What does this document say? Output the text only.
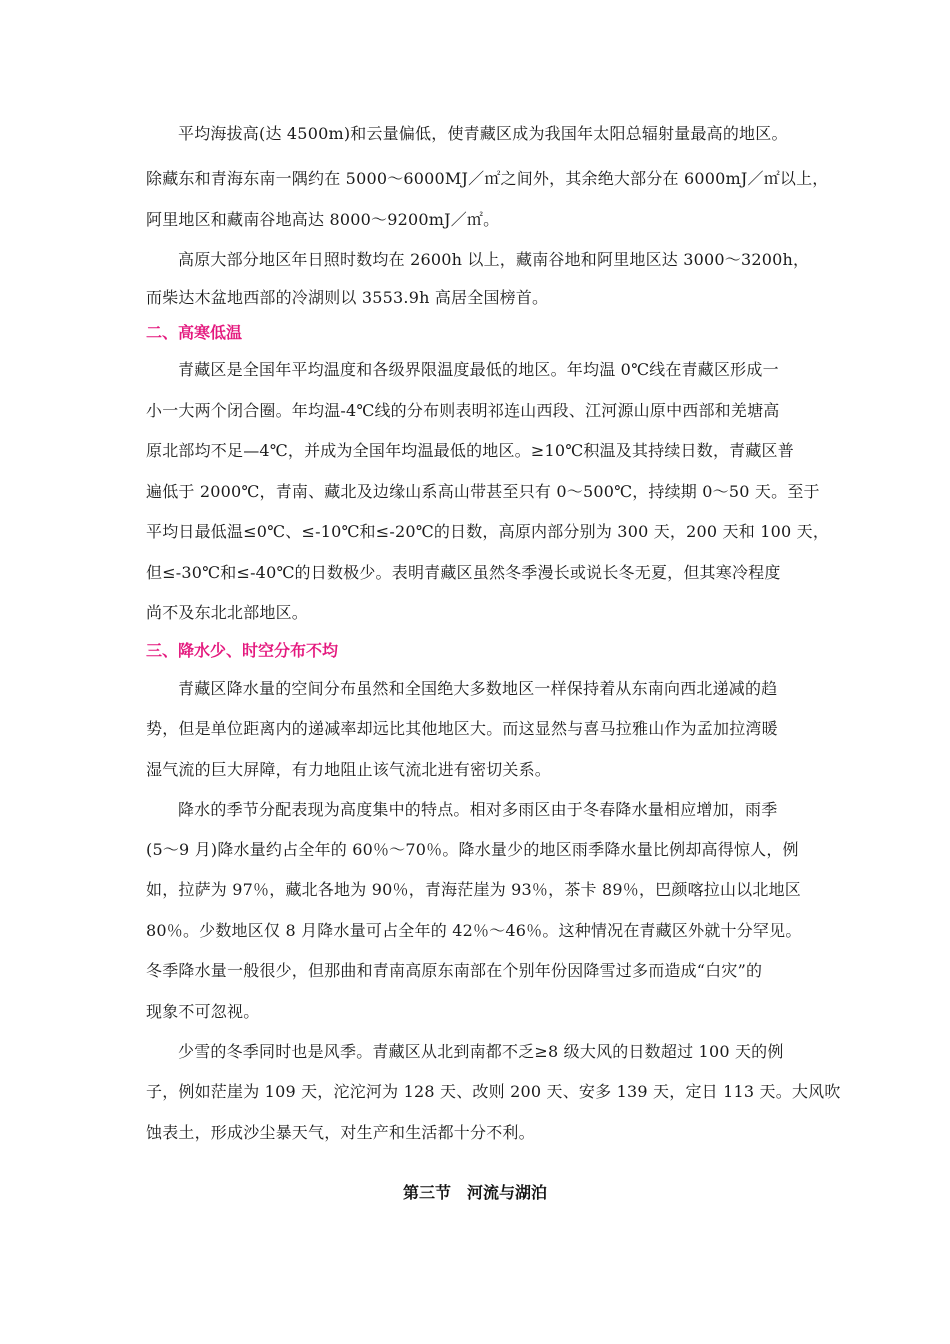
平均海拔高(达 4500m)和云量偏低，使青藏区成为我国年太阳总辐射量最高的地区。
除藏东和青海东南一隅约在 5000～6000MJ／㎡之间外，其余绝大部分在 6000mJ／㎡以上，
阿里地区和藏南谷地高达 8000～9200mJ／㎡。
高原大部分地区年日照时数均在 2600h 以上，藏南谷地和阿里地区达 3000～3200h，
而柴达木盆地西部的冷湖则以 3553.9h 高居全国榜首。
二、高寒低温
青藏区是全国年平均温度和各级界限温度最低的地区。年均温 0℃线在青藏区形成一
小一大两个闭合圈。年均温-4℃线的分布则表明祁连山西段、江河源山原中西部和羌塘高
原北部均不足—4℃，并成为全国年均温最低的地区。≥10℃积温及其持续日数，青藏区普
遍低于 2000℃，青南、藏北及边缘山系高山带甚至只有 0～500℃，持续期 0～50 天。至于
平均日最低温≤0℃、≤-10℃和≤-20℃的日数，高原内部分别为 300 天，200 天和 100 天，
但≤-30℃和≤-40℃的日数极少。表明青藏区虽然冬季漫长或说长冬无夏，但其寒冷程度
尚不及东北北部地区。
三、降水少、时空分布不均
青藏区降水量的空间分布虽然和全国绝大多数地区一样保持着从东南向西北递减的趋
势，但是单位距离内的递减率却远比其他地区大。而这显然与喜马拉雅山作为孟加拉湾暖
湿气流的巨大屏障，有力地阻止该气流北进有密切关系。
降水的季节分配表现为高度集中的特点。相对多雨区由于冬春降水量相应增加，雨季
(5～9 月)降水量约占全年的 60％～70％。降水量少的地区雨季降水量比例却高得惊人，例
如，拉萨为 97％，藏北各地为 90％，青海茫崖为 93％，茶卡 89％，巴颜喀拉山以北地区
80％。少数地区仅 8 月降水量可占全年的 42％～46％。这种情况在青藏区外就十分罕见。
冬季降水量一般很少，但那曲和青南高原东南部在个别年份因降雪过多而造成“白灾”的
现象不可忽视。
少雪的冬季同时也是风季。青藏区从北到南都不乏≥8 级大风的日数超过 100 天的例
子，例如茫崖为 109 天，沱沱河为 128 天、改则 200 天、安多 139 天，定日 113 天。大风吹
蚀表土，形成沙尘暴天气，对生产和生活都十分不利。
第三节　河流与湖泊
